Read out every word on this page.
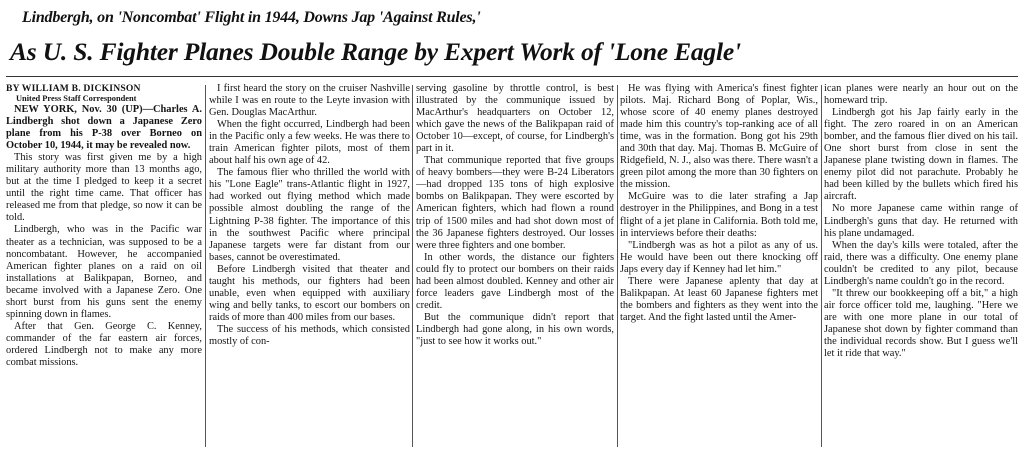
Lindbergh, on 'Noncombat' Flight in 1944, Downs Jap 'Against Rules,'
As U. S. Fighter Planes Double Range by Expert Work of 'Lone Eagle'
BY WILLIAM B. DICKINSON
United Press Staff Correspondent

NEW YORK, Nov. 30 (UP)—Charles A. Lindbergh shot down a Japanese Zero plane from his P-38 over Borneo on October 10, 1944, it may be revealed now.

This story was first given me by a high military authority more than 13 months ago, but at the time I pledged to keep it a secret until the right time came. That officer has released me from that pledge, so now it can be told.

Lindbergh, who was in the Pacific war theater as a technician, was supposed to be a noncombatant. However, he accompanied American fighter planes on a raid on oil installations at Balikpapan, Borneo, and became involved with a Japanese Zero. One short burst from his guns sent the enemy spinning down in flames.

After that Gen. George C. Kenney, commander of the far eastern air forces, ordered Lindbergh not to make any more combat missions.

I first heard the story on the cruiser Nashville while I was en route to the Leyte invasion with Gen. Douglas MacArthur.

When the fight occurred, Lindbergh had been in the Pacific only a few weeks. He was there to train American fighter pilots, most of them about half his own age of 42.

The famous flier who thrilled the world with his "Lone Eagle" trans-Atlantic flight in 1927, had worked out flying method which made possible almost doubling the range of the Lightning P-38 fighter. The importance of this in the southwest Pacific where principal Japanese targets were far distant from our bases, cannot be overestimated.

Before Lindbergh visited that theater and taught his methods, our fighters had been unable, even when equipped with auxiliary wing and belly tanks, to escort our bombers on raids of more than 400 miles from our bases.

The success of his methods, which consisted mostly of con-

serving gasoline by throttle control, is best illustrated by the communique issued by MacArthur's headquarters on October 12, which gave the news of the Balikpapan raid of October 10—except, of course, for Lindbergh's part in it.

That communique reported that five groups of heavy bombers—they were B-24 Liberators—had dropped 135 tons of high explosive bombs on Balikpapan. They were escorted by American fighters, which had flown a round trip of 1500 miles and had shot down most of the 36 Japanese fighters destroyed. Our losses were three fighters and one bomber.

In other words, the distance our fighters could fly to protect our bombers on their raids had been almost doubled. Kenney and other air force leaders gave Lindbergh most of the credit.

But the communique didn't report that Lindbergh had gone along, in his own words, "just to see how it works out."

He was flying with America's finest fighter pilots. Maj. Richard Bong of Poplar, Wis., whose score of 40 enemy planes destroyed made him this country's top-ranking ace of all time, was in the formation. Bong got his 29th and 30th that day. Maj. Thomas B. McGuire of Ridgefield, N. J., also was there. There wasn't a green pilot among the more than 30 fighters on the mission.

McGuire was to die later strafing a Jap destroyer in the Philippines, and Bong in a test flight of a jet plane in California. Both told me, in interviews before their deaths:

"Lindbergh was as hot a pilot as any of us. He would have been out there knocking off Japs every day if Kenney had let him."

There were Japanese aplenty that day at Balikpapan. At least 60 Japanese fighters met the bombers and fighters as they went into the target. And the fight lasted until the Amer-

ican planes were nearly an hour out on the homeward trip.

Lindbergh got his Jap fairly early in the fight. The zero roared in on an American bomber, and the famous flier dived on his tail. One short burst from close in sent the Japanese plane twisting down in flames. The enemy pilot did not parachute. Probably he had been killed by the bullets which fired his aircraft.

No more Japanese came within range of Lindbergh's guns that day. He returned with his plane undamaged.

When the day's kills were totaled, after the raid, there was a difficulty. One enemy plane couldn't be credited to any pilot, because Lindbergh's name couldn't go in the record.

"It threw our bookkeeping off a bit," a high air force officer told me, laughing. "Here we are with one more plane in our total of Japanese shot down by fighter command than the individual records show. But I guess we'll let it ride that way."
